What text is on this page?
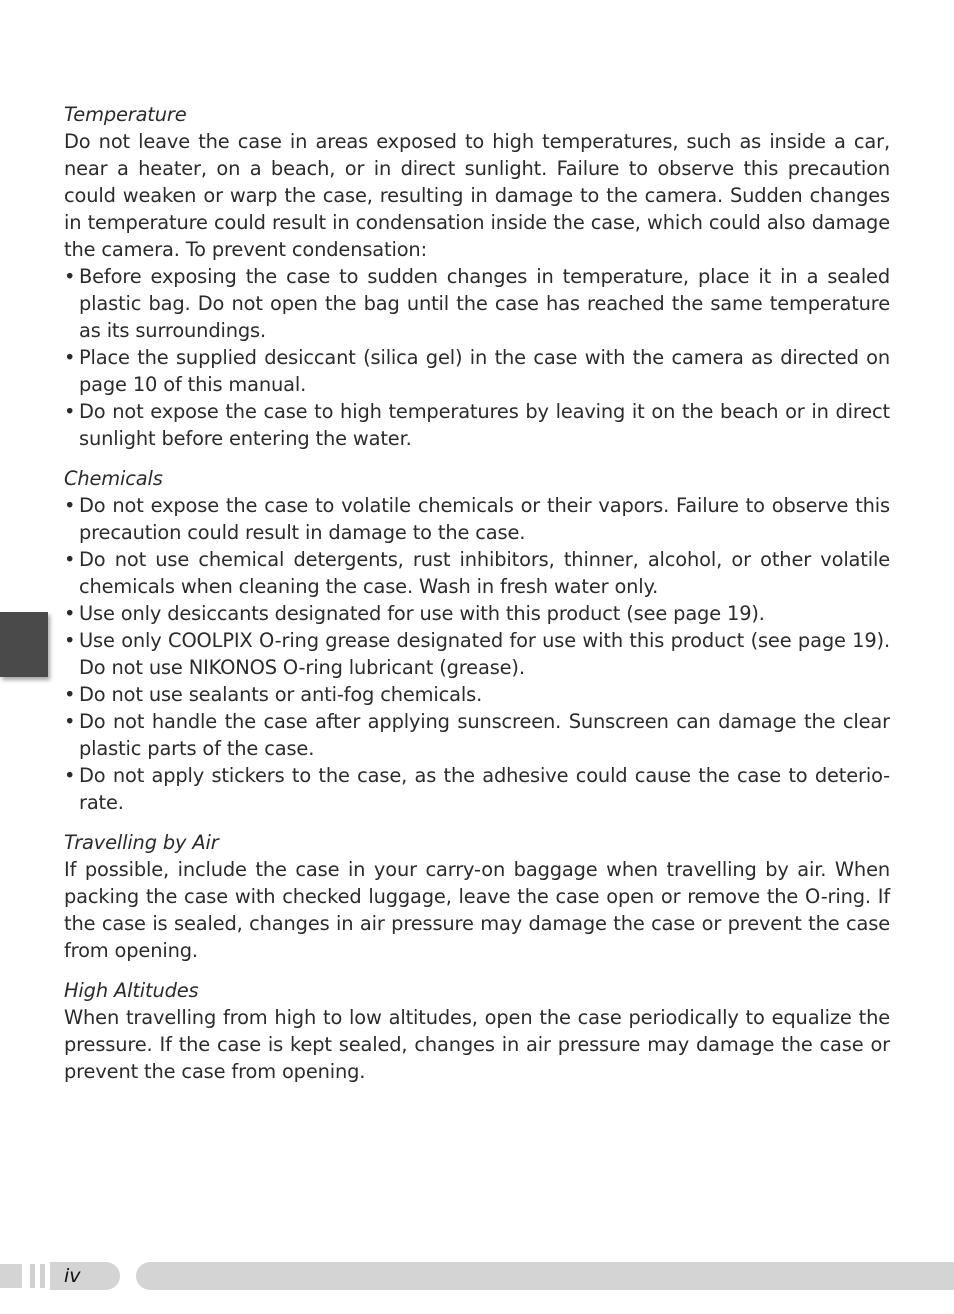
Temperature
Do not leave the case in areas exposed to high temperatures, such as inside a car, near a heater, on a beach, or in direct sunlight. Failure to observe this precaution could weaken or warp the case, resulting in damage to the camera. Sudden changes in temperature could result in condensation inside the case, which could also damage the camera. To prevent condensation:
• Before exposing the case to sudden changes in temperature, place it in a sealed plastic bag. Do not open the bag until the case has reached the same temperature as its surroundings.
• Place the supplied desiccant (silica gel) in the case with the camera as directed on page 10 of this manual.
• Do not expose the case to high temperatures by leaving it on the beach or in direct sunlight before entering the water.
Chemicals
• Do not expose the case to volatile chemicals or their vapors. Failure to observe this precaution could result in damage to the case.
• Do not use chemical detergents, rust inhibitors, thinner, alcohol, or other volatile chemicals when cleaning the case. Wash in fresh water only.
• Use only desiccants designated for use with this product (see page 19).
• Use only COOLPIX O-ring grease designated for use with this product (see page 19). Do not use NIKONOS O-ring lubricant (grease).
• Do not use sealants or anti-fog chemicals.
• Do not handle the case after applying sunscreen. Sunscreen can damage the clear plastic parts of the case.
• Do not apply stickers to the case, as the adhesive could cause the case to deterio-rate.
Travelling by Air
If possible, include the case in your carry-on baggage when travelling by air. When packing the case with checked luggage, leave the case open or remove the O-ring. If the case is sealed, changes in air pressure may damage the case or prevent the case from opening.
High Altitudes
When travelling from high to low altitudes, open the case periodically to equalize the pressure. If the case is kept sealed, changes in air pressure may damage the case or prevent the case from opening.
iv
